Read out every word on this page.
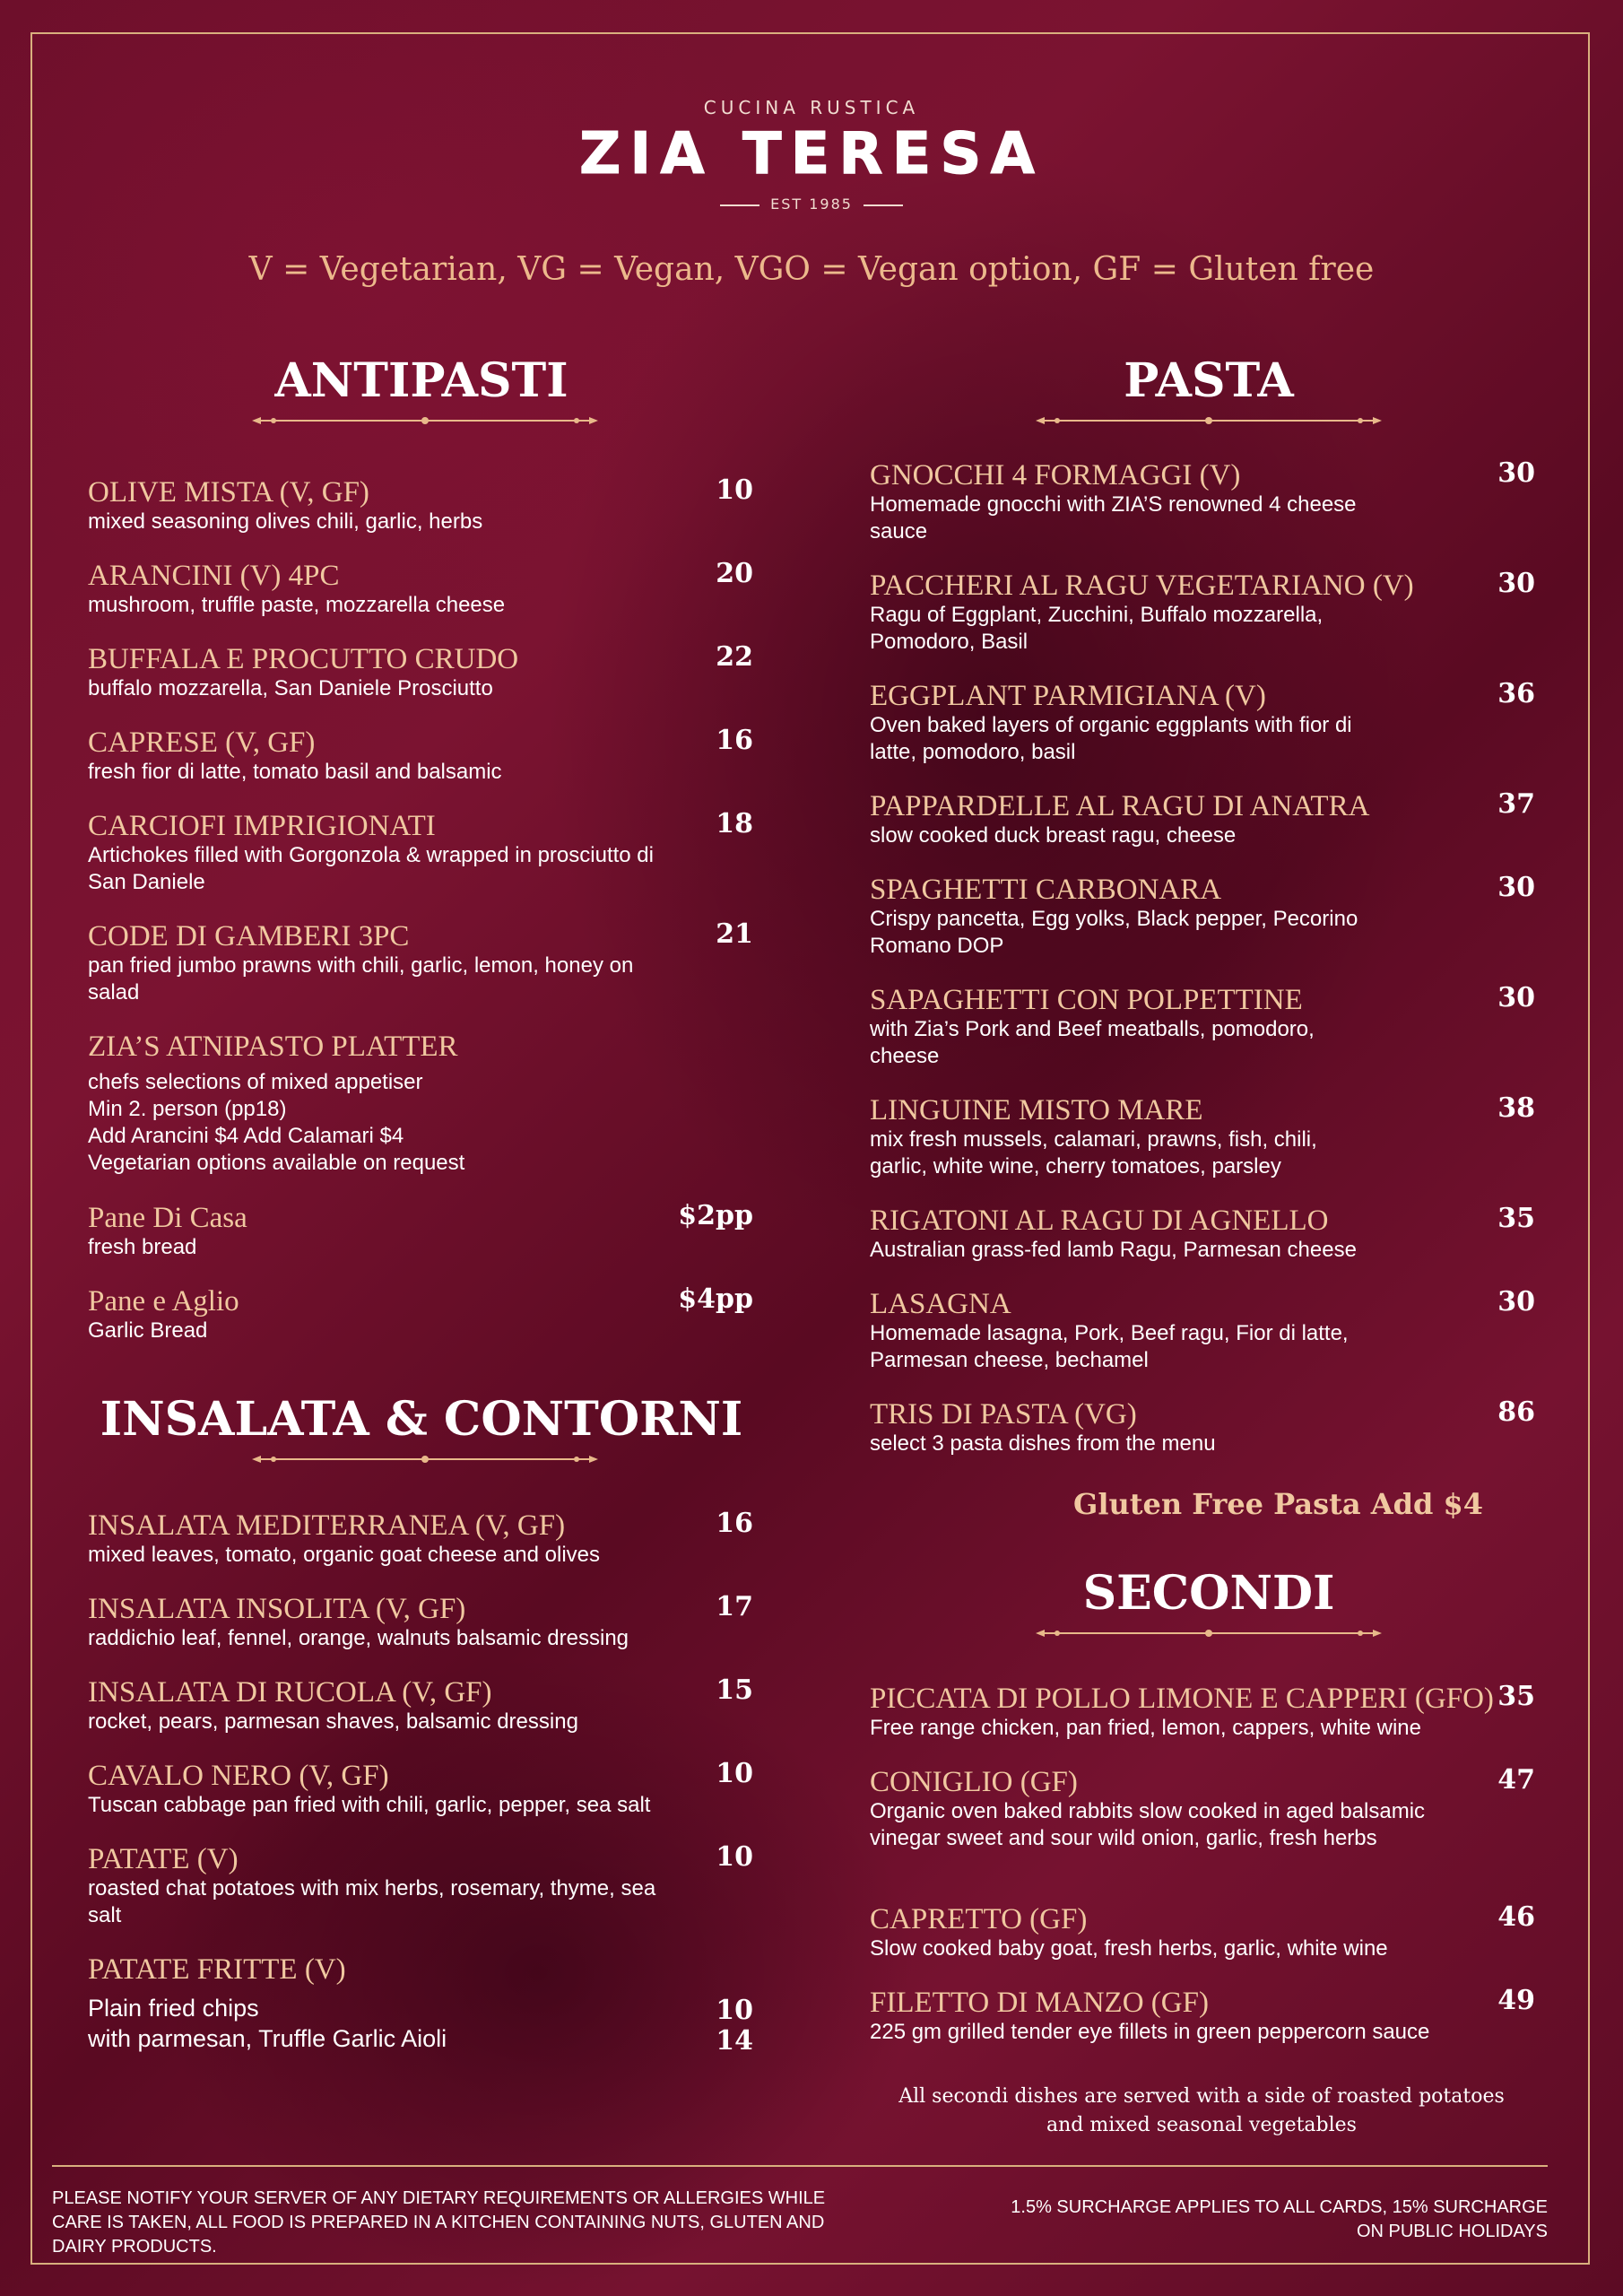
CUCINA RUSTICA
ZIA TERESA
EST 1985
V = Vegetarian, VG = Vegan, VGO = Vegan option, GF = Gluten free
ANTIPASTI
OLIVE MISTA (V, GF)
mixed seasoning olives chili, garlic, herbs
10
ARANCINI (V) 4PC
mushroom, truffle paste, mozzarella cheese
20
BUFFALA E PROCUTTO CRUDO
buffalo mozzarella, San Daniele Prosciutto
22
CAPRESE (V, GF)
fresh fior di latte, tomato basil and balsamic
16
CARCIOFI IMPRIGIONATI
Artichokes filled with Gorgonzola & wrapped in prosciutto di San Daniele
18
CODE DI GAMBERI 3PC
pan fried jumbo prawns with chili, garlic, lemon, honey on salad
21
ZIA’S ATNIPASTO PLATTER
Pane Di Casa
fresh bread
$2pp
Pane e Aglio
Garlic Bread
$4pp
chefs selections of mixed appetiser
Min 2. person (pp18)
Add Arancini $4 Add Calamari $4
Vegetarian options available on request
INSALATA & CONTORNI
INSALATA MEDITERRANEA (V, GF)
mixed leaves, tomato, organic goat cheese and olives
16
INSALATA INSOLITA (V, GF)
raddichio leaf, fennel, orange, walnuts balsamic dressing
17
INSALATA DI RUCOLA (V, GF)
rocket, pears, parmesan shaves, balsamic dressing
15
CAVALO NERO (V, GF)
Tuscan cabbage pan fried with chili, garlic, pepper, sea salt
10
PATATE (V)
roasted chat potatoes with mix herbs, rosemary, thyme, sea salt
10
PATATE FRITTE (V)
Plain fried chips	10
with parmesan, Truffle Garlic Aioli	14
PASTA
GNOCCHI 4 FORMAGGI (V)
Homemade gnocchi with ZIA’S renowned 4 cheese sauce
30
PACCHERI AL RAGU VEGETARIANO (V)
Ragu of Eggplant, Zucchini, Buffalo mozzarella, Pomodoro, Basil
30
EGGPLANT PARMIGIANA (V)
Oven baked layers of organic eggplants with fior di latte, pomodoro, basil
36
PAPPARDELLE AL RAGU DI ANATRA
slow cooked duck breast ragu, cheese
37
SPAGHETTI CARBONARA
Crispy pancetta, Egg yolks, Black pepper, Pecorino Romano DOP
30
SAPAGHETTI CON POLPETTINE
with Zia’s Pork and Beef meatballs, pomodoro, cheese
30
LINGUINE MISTO MARE
mix fresh mussels, calamari, prawns, fish, chili, garlic, white wine, cherry tomatoes, parsley
38
RIGATONI AL RAGU DI AGNELLO
Australian grass-fed lamb Ragu, Parmesan cheese
35
LASAGNA
Homemade lasagna, Pork, Beef ragu, Fior di latte, Parmesan cheese, bechamel
30
TRIS DI PASTA (VG)
select 3 pasta dishes from the menu
86
Gluten Free Pasta Add $4
SECONDI
PICCATA DI POLLO LIMONE E CAPPERI (GFO)
Free range chicken, pan fried, lemon, cappers, white wine
35
CONIGLIO (GF)
Organic oven baked rabbits slow cooked in aged balsamic vinegar sweet and sour wild onion, garlic, fresh herbs
47
CAPRETTO (GF)
Slow cooked baby goat, fresh herbs, garlic, white wine
46
FILETTO DI MANZO (GF)
225 gm grilled tender eye fillets in green peppercorn sauce
49
All secondi dishes are served with a side of roasted potatoes and mixed seasonal vegetables
PLEASE NOTIFY YOUR SERVER OF ANY DIETARY REQUIREMENTS OR ALLERGIES WHILE CARE IS TAKEN, ALL FOOD IS PREPARED IN A KITCHEN CONTAINING NUTS, GLUTEN AND DAIRY PRODUCTS.
1.5% SURCHARGE APPLIES TO ALL CARDS, 15% SURCHARGE ON PUBLIC HOLIDAYS
